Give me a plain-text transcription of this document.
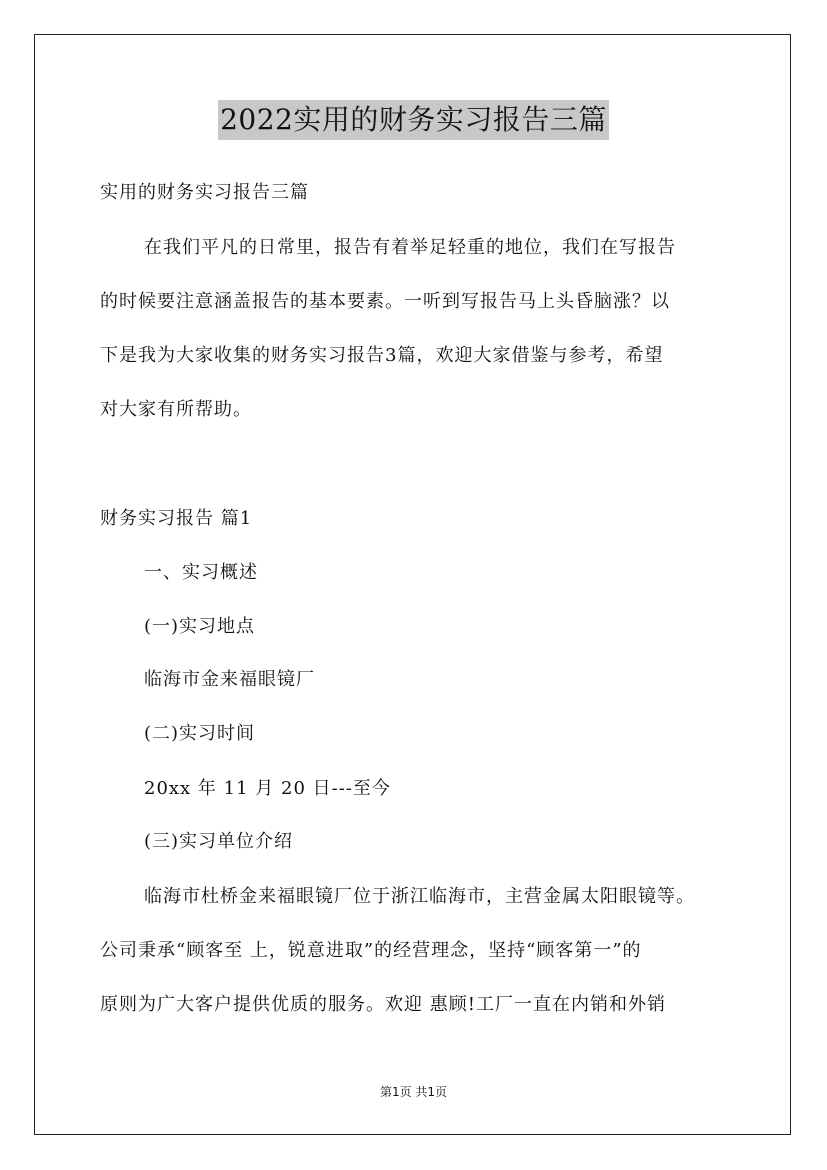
2022实用的财务实习报告三篇
实用的财务实习报告三篇
在我们平凡的日常里，报告有着举足轻重的地位，我们在写报告
的时候要注意涵盖报告的基本要素。一听到写报告马上头昏脑涨？以
下是我为大家收集的财务实习报告3篇，欢迎大家借鉴与参考，希望
对大家有所帮助。
财务实习报告 篇1
一、实习概述
(一)实习地点
临海市金来福眼镜厂
(二)实习时间
20xx 年 11 月 20 日---至今
(三)实习单位介绍
临海市杜桥金来福眼镜厂位于浙江临海市，主营金属太阳眼镜等。
公司秉承“顾客至 上，锐意进取”的经营理念，坚持“顾客第一”的
原则为广大客户提供优质的服务。欢迎 惠顾!工厂一直在内销和外销
第1页 共1页
